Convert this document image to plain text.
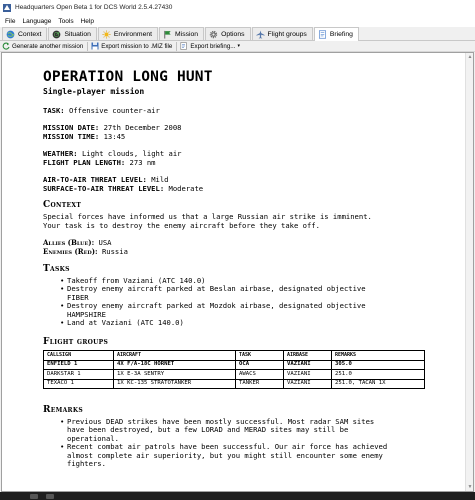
Headquarters Open Beta 1 for DCS World 2.5.4.27430
File	Language	Tools	Help
Context	Situation	Environment	Mission	Options	Flight groups	Briefing
Generate another mission	Export mission to .MIZ file	Export briefing... ▾
OPERATION LONG HUNT
Single-player mission
TASK: Offensive counter-air
MISSION DATE: 27th December 2008
MISSION TIME: 13:45
WEATHER: Light clouds, light air
FLIGHT PLAN LENGTH: 273 nm
AIR-TO-AIR THREAT LEVEL: Mild
SURFACE-TO-AIR THREAT LEVEL: Moderate
Context
Special forces have informed us that a large Russian air strike is imminent.
Your task is to destroy the enemy aircraft before they take off.
Allies (Blue): USA
Enemies (Red): Russia
Tasks
• Takeoff from Vaziani (ATC 140.0)
• Destroy enemy aircraft parked at Beslan airbase, designated objective
FIBER
• Destroy enemy aircraft parked at Mozdok airbase, designated objective
HAMPSHIRE
• Land at Vaziani (ATC 140.0)
Flight groups
CALLSIGN	AIRCRAFT	TASK	AIRBASE	REMARKS
ENFIELD 1	4X F/A-18C HORNET	OCA	VAZIANI	305.0
DARKSTAR 1	1X E-3A SENTRY	AWACS	VAZIANI	251.0
TEXACO 1	1X KC-135 STRATOTANKER	TANKER	VAZIANI	251.0, TACAN 1X
Remarks
• Previous DEAD strikes have been mostly successful. Most radar SAM sites
have been destroyed, but a few LORAD and MERAD sites may still be
operational.
• Recent combat air patrols have been successful. Our air force has achieved
almost complete air superiority, but you might still encounter some enemy
fighters.
▲
▼
